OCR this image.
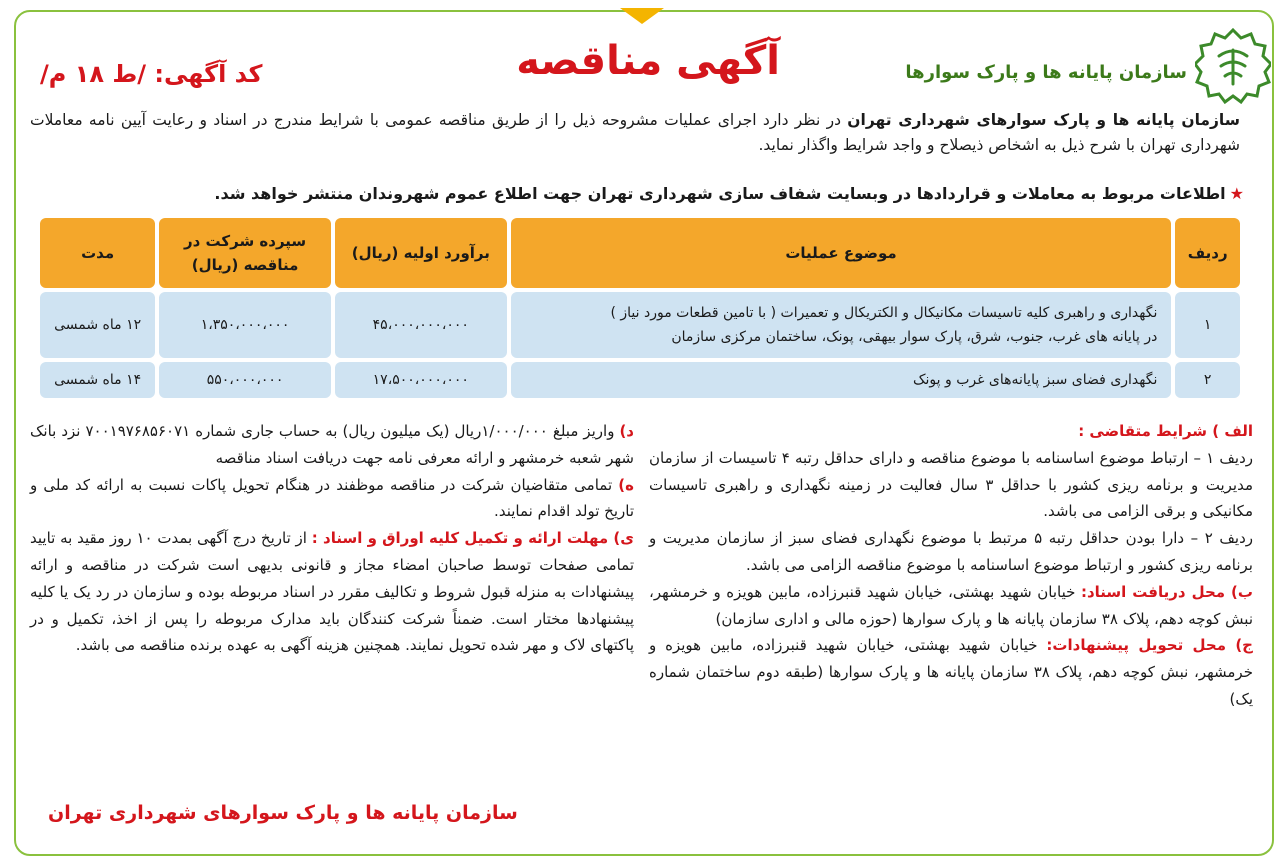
سازمان پایانه ها و پارک سوارها
آگهی مناقصه
کد آگهی: /ط ۱۸ م/
سازمان پایانه ها و پارک سوارهای شهرداری تهران در نظر دارد اجرای عملیات مشروحه ذیل را از طریق مناقصه عمومی با شرایط مندرج در اسناد و رعایت آیین نامه معاملات شهرداری تهران با شرح ذیل به اشخاص ذیصلاح و واجد شرایط واگذار نماید.
★اطلاعات مربوط به معاملات و قراردادها در وبسایت شفاف سازی شهرداری تهران جهت اطلاع عموم شهروندان منتشر خواهد شد.
ردیف	موضوع عملیات	برآورد اولیه (ریال)	سپرده شرکت در مناقصه (ریال)	مدت
۱	نگهداری و راهبری کلیه تاسیسات مکانیکال و الکتریکال و تعمیرات ( با تامین قطعات مورد نیاز )
در پایانه های غرب، جنوب، شرق، پارک سوار بیهقی، پونک، ساختمان مرکزی سازمان	۴۵،۰۰۰،۰۰۰،۰۰۰	۱،۳۵۰،۰۰۰،۰۰۰	۱۲ ماه شمسی
۲	نگهداری فضای سبز پایانه‌های غرب و پونک	۱۷،۵۰۰،۰۰۰،۰۰۰	۵۵۰،۰۰۰،۰۰۰	۱۴ ماه شمسی
الف ) شرایط متقاضی :
ردیف ۱ – ارتباط موضوع اساسنامه با موضوع مناقصه و دارای حداقل رتبه ۴ تاسیسات از سازمان مدیریت و برنامه ریزی کشور با حداقل ۳ سال فعالیت در زمینه نگهداری و راهبری تاسیسات مکانیکی و برقی الزامی می باشد.
ردیف ۲ – دارا بودن حداقل رتبه ۵ مرتبط با موضوع نگهداری فضای سبز از سازمان مدیریت و برنامه ریزی کشور و ارتباط موضوع اساسنامه با موضوع مناقصه الزامی می باشد.
ب) محل دریافت اسناد: خیابان شهید بهشتی، خیابان شهید قنبرزاده، مابین هویزه و خرمشهر، نبش کوچه دهم، پلاک ۳۸ سازمان پایانه ها و پارک سوارها (حوزه مالی و اداری سازمان)
ج) محل تحویل پیشنهادات: خیابان شهید بهشتی، خیابان شهید قنبرزاده، مابین هویزه و خرمشهر، نبش کوچه دهم، پلاک ۳۸ سازمان پایانه ها و پارک سوارها (طبقه دوم ساختمان شماره یک)
د) واریز مبلغ ۱/۰۰۰/۰۰۰ریال (یک میلیون ریال) به حساب جاری شماره ۷۰۰۱۹۷۶۸۵۶۰۷۱ نزد بانک شهر شعبه خرمشهر و ارائه معرفی نامه جهت دریافت اسناد مناقصه
ه) تمامی متقاضیان شرکت در مناقصه موظفند در هنگام تحویل پاکات نسبت به ارائه کد ملی و تاریخ تولد اقدام نمایند.
ی) مهلت ارائه و تکمیل کلیه اوراق و اسناد : از تاریخ درج آگهی بمدت ۱۰ روز مقید به تایید تمامی صفحات توسط صاحبان امضاء مجاز و قانونی بدیهی است شرکت در مناقصه و ارائه پیشنهادات به منزله قبول شروط و تکالیف مقرر در اسناد مربوطه بوده و سازمان در رد یک یا کلیه پیشنهادها مختار است. ضمناً شرکت کنندگان باید مدارک مربوطه را پس از اخذ، تکمیل و در پاکتهای لاک و مهر شده تحویل نمایند. همچنین هزینه آگهی به عهده برنده مناقصه می باشد.
سازمان پایانه ها و پارک سوارهای شهرداری تهران
